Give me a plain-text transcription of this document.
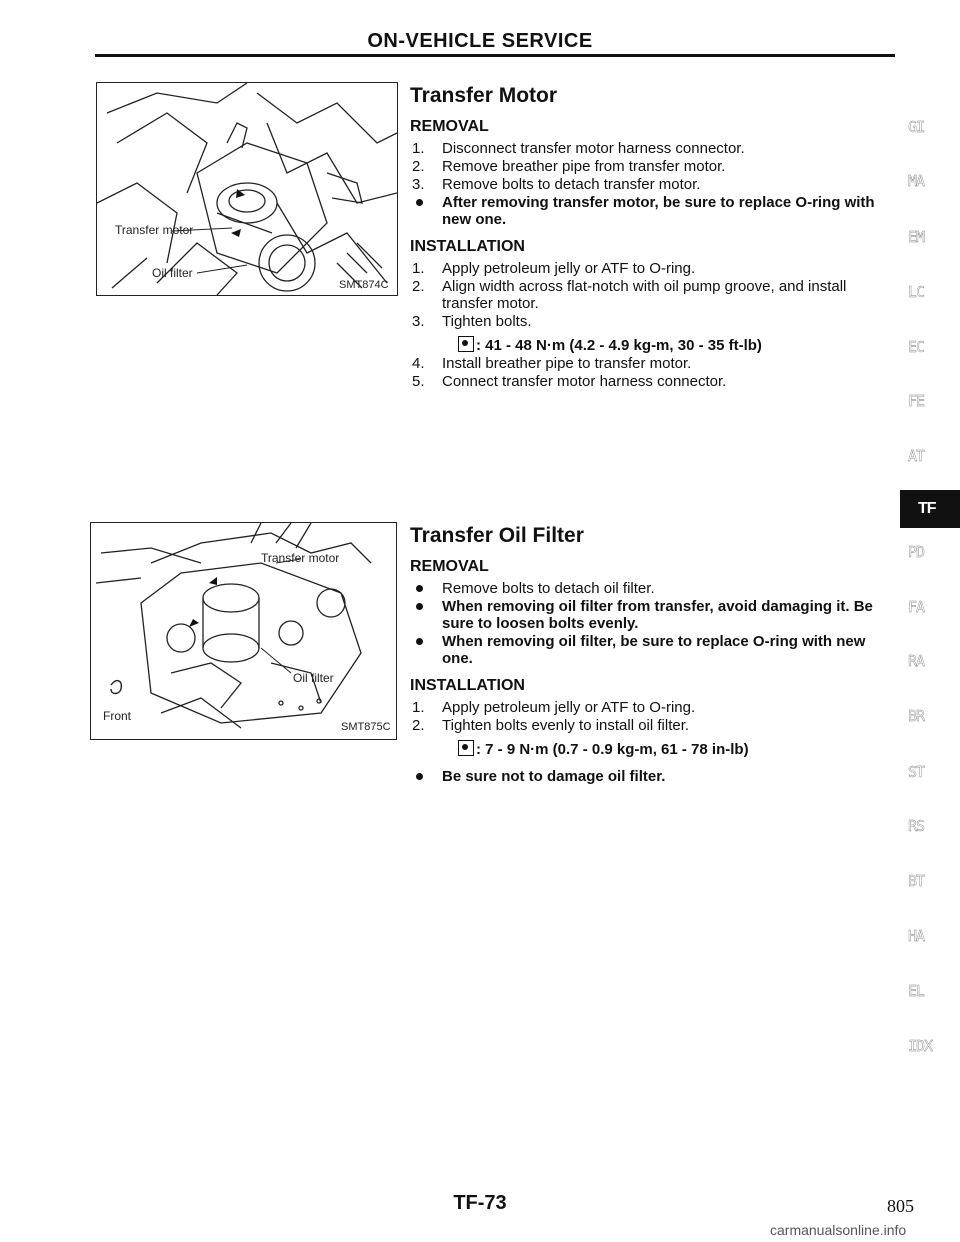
ON-VEHICLE SERVICE
Transfer motor
Oil filter
SMT874C
Transfer motor
Oil filter
Front
SMT875C
Transfer Motor
REMOVAL
1. Disconnect transfer motor harness connector.
2. Remove breather pipe from transfer motor.
3. Remove bolts to detach transfer motor.
After removing transfer motor, be sure to replace O-ring with new one.
INSTALLATION
1. Apply petroleum jelly or ATF to O-ring.
2. Align width across flat-notch with oil pump groove, and install transfer motor.
3. Tighten bolts.
: 41 - 48 N·m (4.2 - 4.9 kg-m, 30 - 35 ft-lb)
4. Install breather pipe to transfer motor.
5. Connect transfer motor harness connector.
Transfer Oil Filter
REMOVAL
Remove bolts to detach oil filter.
When removing oil filter from transfer, avoid damaging it. Be sure to loosen bolts evenly.
When removing oil filter, be sure to replace O-ring with new one.
INSTALLATION
1. Apply petroleum jelly or ATF to O-ring.
2. Tighten bolts evenly to install oil filter.
: 7 - 9 N·m (0.7 - 0.9 kg-m, 61 - 78 in-lb)
Be sure not to damage oil filter.
GI
MA
EM
LC
EC
FE
AT
TF
PD
FA
RA
BR
ST
RS
BT
HA
EL
IDX
TF-73	805
carmanualsonline.info
